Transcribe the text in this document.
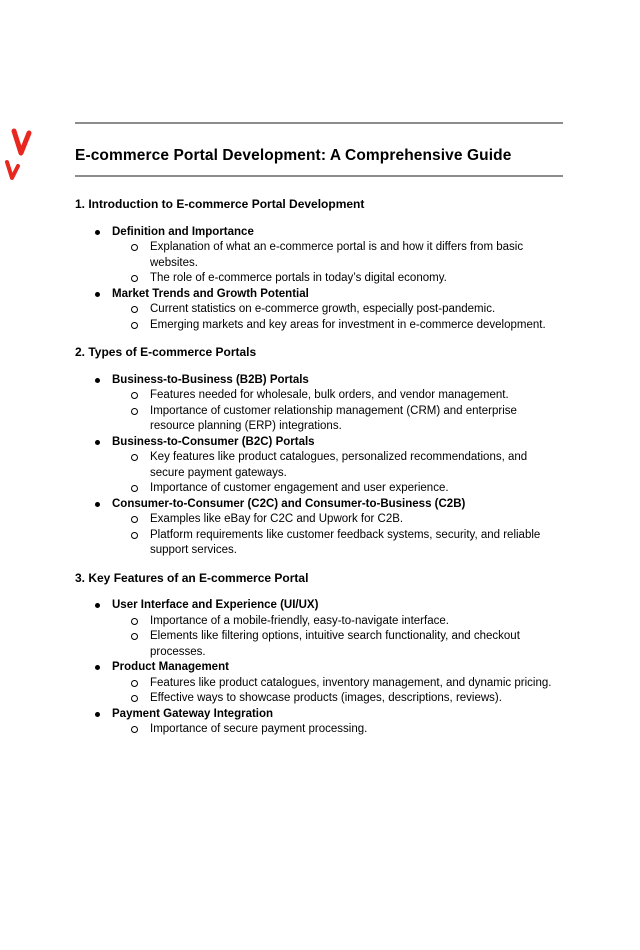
E-commerce Portal Development: A Comprehensive Guide
1. Introduction to E-commerce Portal Development
Definition and Importance
Explanation of what an e-commerce portal is and how it differs from basic websites.
The role of e-commerce portals in today’s digital economy.
Market Trends and Growth Potential
Current statistics on e-commerce growth, especially post-pandemic.
Emerging markets and key areas for investment in e-commerce development.
2. Types of E-commerce Portals
Business-to-Business (B2B) Portals
Features needed for wholesale, bulk orders, and vendor management.
Importance of customer relationship management (CRM) and enterprise resource planning (ERP) integrations.
Business-to-Consumer (B2C) Portals
Key features like product catalogues, personalized recommendations, and secure payment gateways.
Importance of customer engagement and user experience.
Consumer-to-Consumer (C2C) and Consumer-to-Business (C2B)
Examples like eBay for C2C and Upwork for C2B.
Platform requirements like customer feedback systems, security, and reliable support services.
3. Key Features of an E-commerce Portal
User Interface and Experience (UI/UX)
Importance of a mobile-friendly, easy-to-navigate interface.
Elements like filtering options, intuitive search functionality, and checkout processes.
Product Management
Features like product catalogues, inventory management, and dynamic pricing.
Effective ways to showcase products (images, descriptions, reviews).
Payment Gateway Integration
Importance of secure payment processing.
